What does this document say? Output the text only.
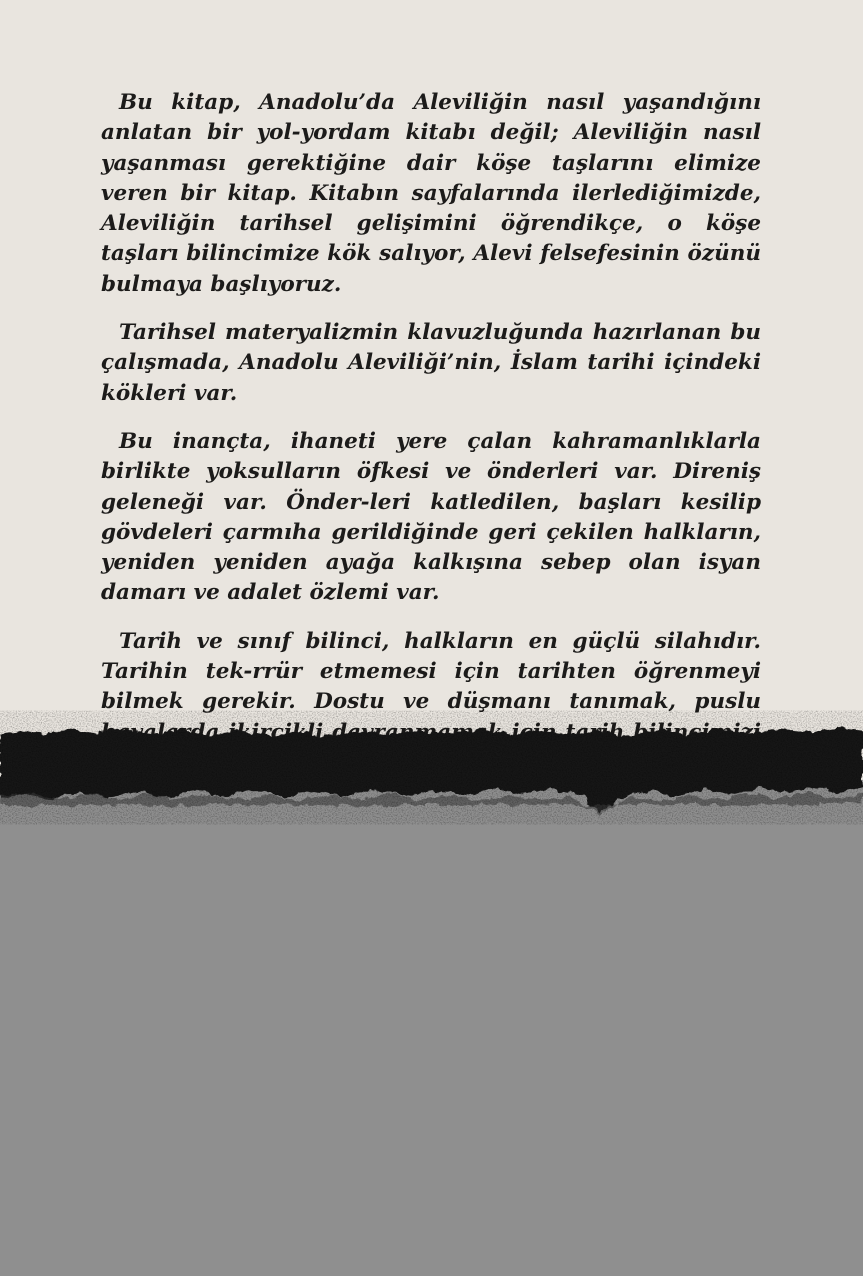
Bu kitap, Anadolu’da Aleviliğin nasıl yaşandığını anlatan bir yol-yordam kitabı değil; Aleviliğin nasıl yaşanması gerektiğine dair köşe taşlarını elimize veren bir kitap. Kitabın sayfalarında ilerlediğimizde, Aleviliğin tarihsel gelişimini öğrendikçe, o köşe taşları bilincimize kök salıyor, Alevi felsefesinin özünü bulmaya başlıyoruz.

Tarihsel materyalizmin klavuzluğunda hazırlanan bu çalışmada, Anadolu Aleviliği’nin, İslam tarihi içindeki kökleri var.

Bu inançta, ihaneti yere çalan kahramanlıklarla birlikte yoksulların öfkesi ve önderleri var. Direniş geleneği var. Önder-leri katledilen, başları kesilip gövdeleri çarmıha gerildiğinde geri çekilen halkların, yeniden yeniden ayağa kalkışına sebep olan isyan damarı ve adalet özlemi var.

Tarih ve sınıf bilinci, halkların en güçlü silahıdır. Tarihin tek-rrür etmemesi için tarihten öğrenmeyi bilmek gerekir. Dostu ve düşmanı tanımak, puslu havalarda ikircikli bilincimizi
